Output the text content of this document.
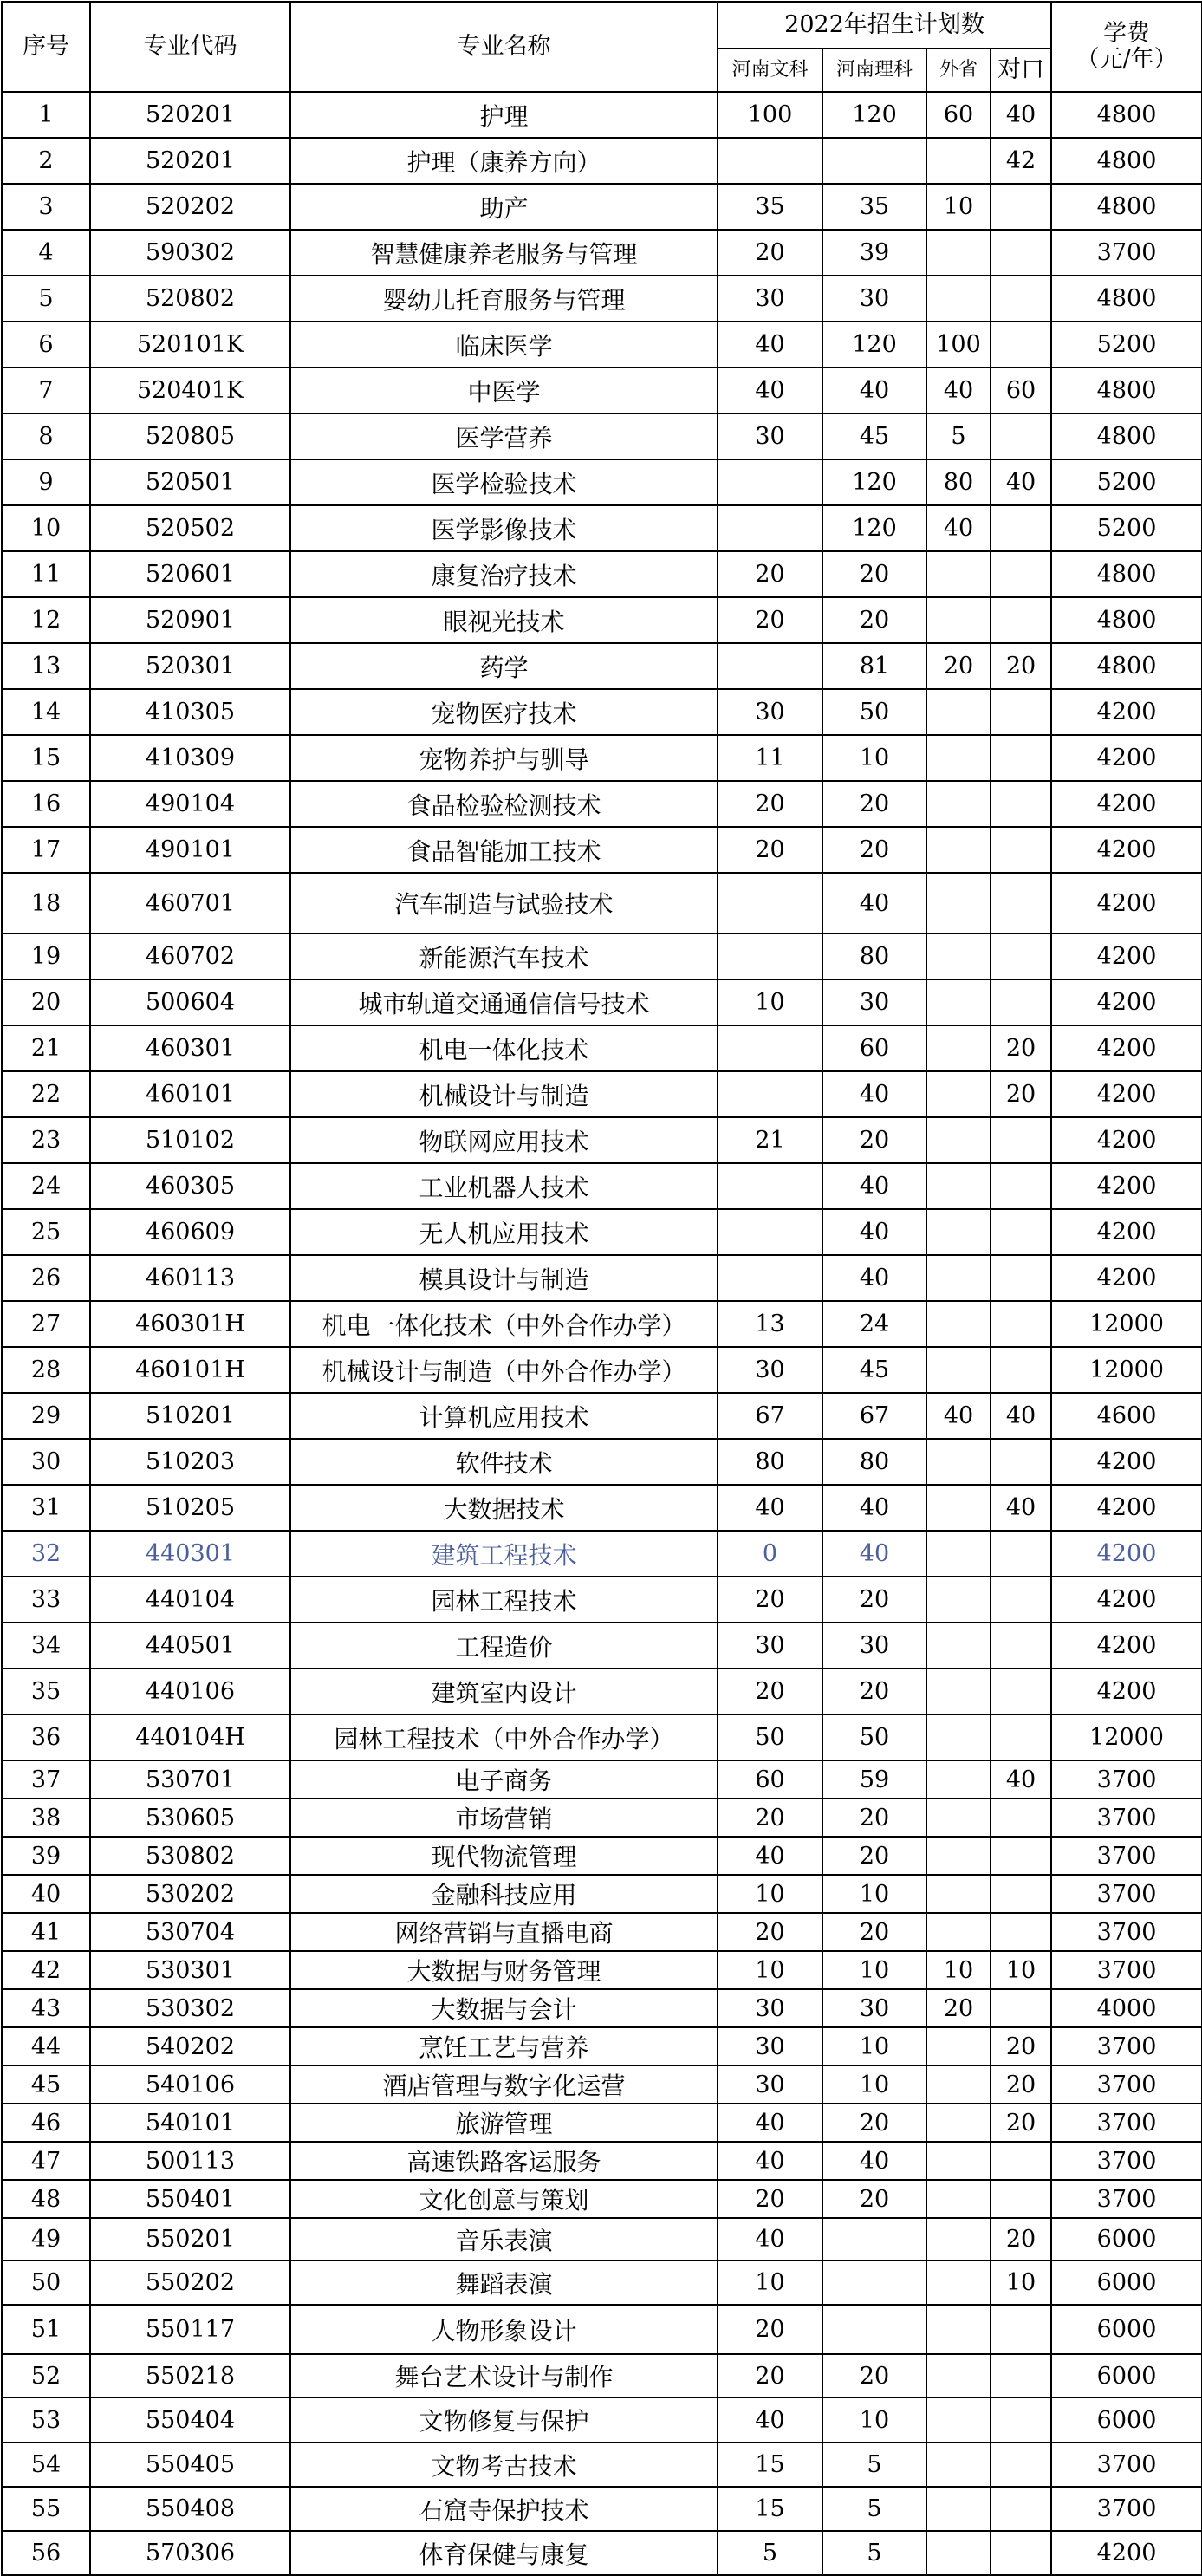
序号	专业代码	专业名称	2022年招生计划数				学费
（元/年）

			河南文科	河南理科	外省	对口	
1	520201	护理	100	120	60	40	4800
2	520201	护理（康养方向）				42	4800
3	520202	助产	35	35	10		4800
4	590302	智慧健康养老服务与管理	20	39			3700
5	520802	婴幼儿托育服务与管理	30	30			4800
6	520101K	临床医学	40	120	100		5200
7	520401K	中医学	40	40	40	60	4800
8	520805	医学营养	30	45	5		4800
9	520501	医学检验技术		120	80	40	5200
10	520502	医学影像技术		120	40		5200
11	520601	康复治疗技术	20	20			4800
12	520901	眼视光技术	20	20			4800
13	520301	药学		81	20	20	4800
14	410305	宠物医疗技术	30	50			4200
15	410309	宠物养护与驯导	11	10			4200
16	490104	食品检验检测技术	20	20			4200
17	490101	食品智能加工技术	20	20			4200
18	460701	汽车制造与试验技术		40			4200
19	460702	新能源汽车技术		80			4200
20	500604	城市轨道交通通信信号技术	10	30			4200
21	460301	机电一体化技术		60		20	4200
22	460101	机械设计与制造		40		20	4200
23	510102	物联网应用技术	21	20			4200
24	460305	工业机器人技术		40			4200
25	460609	无人机应用技术		40			4200
26	460113	模具设计与制造		40			4200
27	460301H	机电一体化技术（中外合作办学）	13	24			12000
28	460101H	机械设计与制造（中外合作办学）	30	45			12000
29	510201	计算机应用技术	67	67	40	40	4600
30	510203	软件技术	80	80			4200
31	510205	大数据技术	40	40		40	4200
32	440301	建筑工程技术	0	40			4200
33	440104	园林工程技术	20	20			4200
34	440501	工程造价	30	30			4200
35	440106	建筑室内设计	20	20			4200
36	440104H	园林工程技术（中外合作办学）	50	50			12000
37	530701	电子商务	60	59		40	3700
38	530605	市场营销	20	20			3700
39	530802	现代物流管理	40	20			3700
40	530202	金融科技应用	10	10			3700
41	530704	网络营销与直播电商	20	20			3700
42	530301	大数据与财务管理	10	10	10	10	3700
43	530302	大数据与会计	30	30	20		4000
44	540202	烹饪工艺与营养	30	10		20	3700
45	540106	酒店管理与数字化运营	30	10		20	3700
46	540101	旅游管理	40	20		20	3700
47	500113	高速铁路客运服务	40	40			3700
48	550401	文化创意与策划	20	20			3700
49	550201	音乐表演	40			20	6000
50	550202	舞蹈表演	10			10	6000
51	550117	人物形象设计	20				6000
52	550218	舞台艺术设计与制作	20	20			6000
53	550404	文物修复与保护	40	10			6000
54	550405	文物考古技术	15	5			3700
55	550408	石窟寺保护技术	15	5			3700
56	570306	体育保健与康复	5	5			4200
